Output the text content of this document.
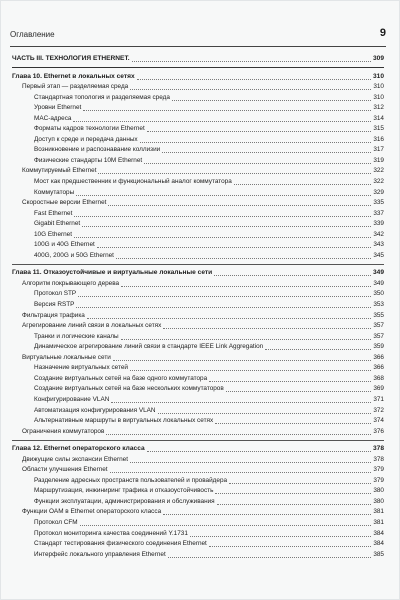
Оглавление	9
ЧАСТЬ III. ТЕХНОЛОГИЯ ETHERNET.	309
Глава 10. Ethernet в локальных сетях	310
Первый этап — разделяемая среда	310
Стандартная топология и разделяемая среда	310
Уровни Ethernet	312
MAC-адреса	314
Форматы кадров технологии Ethernet	315
Доступ к среде и передача данных	316
Возникновение и распознавание коллизии	317
Физические стандарты 10M Ethernet	319
Коммутируемый Ethernet	322
Мост как предшественник и функциональный аналог коммутатора	322
Коммутаторы	329
Скоростные версии Ethernet	335
Fast Ethernet	337
Gigabit Ethernet	339
10G Ethernet	342
100G и 40G Ethernet	343
400G, 200G и 50G Ethernet	345
Глава 11. Отказоустойчивые и виртуальные локальные сети	349
Алгоритм покрывающего дерева	349
Протокол STP	350
Версия RSTP	353
Фильтрация трафика	355
Агрегирование линий связи в локальных сетях	357
Транки и логические каналы	357
Динамическое агрегирование линий связи в стандарте IEEE Link Aggregation	359
Виртуальные локальные сети	366
Назначение виртуальных сетей	366
Создание виртуальных сетей на базе одного коммутатора	368
Создание виртуальных сетей на базе нескольких коммутаторов	369
Конфигурирование VLAN	371
Автоматизация конфигурирования VLAN	372
Альтернативные маршруты в виртуальных локальных сетях	374
Ограничения коммутаторов	376
Глава 12. Ethernet операторского класса	378
Движущие силы экспансии Ethernet	378
Области улучшения Ethernet	379
Разделение адресных пространств пользователей и провайдера	379
Маршрутизация, инжиниринг трафика и отказоустойчивость	380
Функции эксплуатации, администрирования и обслуживания	380
Функции OAM в Ethernet операторского класса	381
Протокол CFM	381
Протокол мониторинга качества соединений Y.1731	384
Стандарт тестирования физического соединения Ethernet	384
Интерфейс локального управления Ethernet	385
